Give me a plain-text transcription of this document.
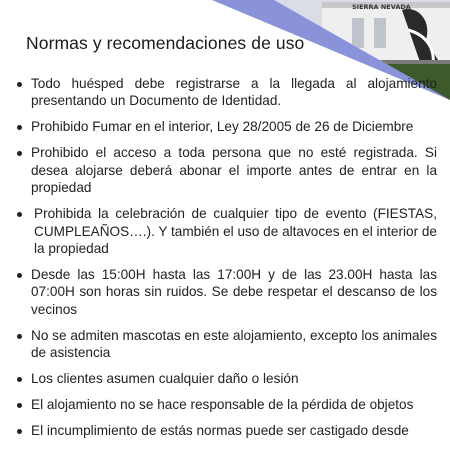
SIERRA NEVADA
Normas y recomendaciones de uso
Todo huésped debe registrarse a la llegada al alojamiento presentando un Documento de Identidad.
Prohibido Fumar en el interior, Ley 28/2005 de 26 de Diciembre
Prohibido el acceso a toda persona que no esté registrada. Si desea alojarse deberá abonar el importe antes de entrar en la propiedad
Prohibida la celebración de cualquier tipo de evento (FIESTAS, CUMPLEAÑOS….). Y también el uso de altavoces en el interior de la propiedad
Desde las 15:00H hasta las 17:00H y de las 23.00H hasta las 07:00H son horas sin ruidos. Se debe respetar el descanso de los vecinos
No se admiten mascotas en este alojamiento, excepto los animales de asistencia
Los clientes asumen cualquier daño o lesión
El alojamiento no se hace responsable de la pérdida de objetos
El incumplimiento de estás normas puede ser castigado desde
